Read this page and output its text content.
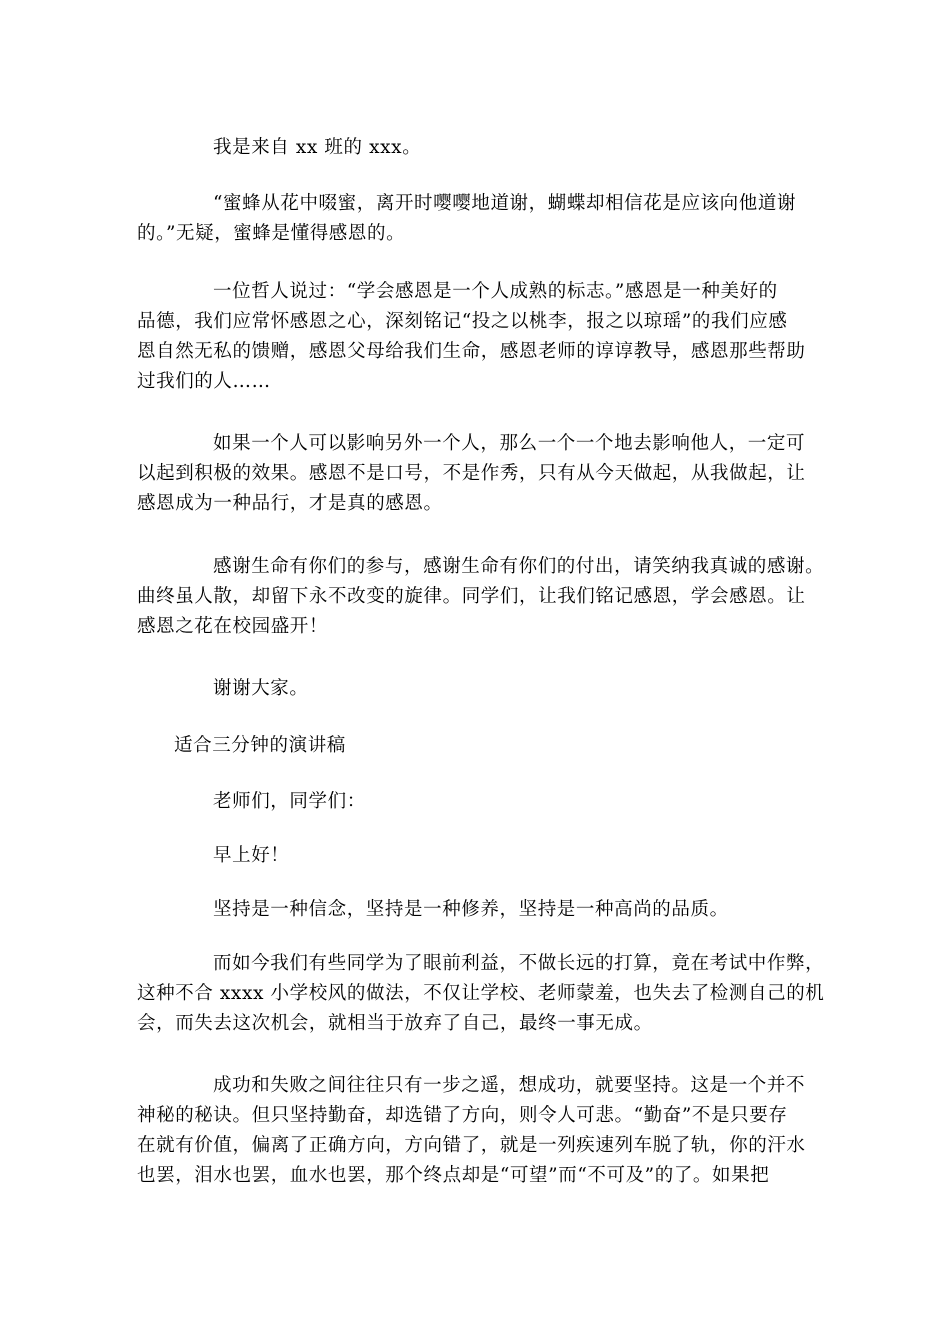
我是来自 xx 班的 xxx。
“蜜蜂从花中啜蜜，离开时嘤嘤地道谢，蝴蝶却相信花是应该向他道谢
的。”无疑，蜜蜂是懂得感恩的。
一位哲人说过：“学会感恩是一个人成熟的标志。”感恩是一种美好的
品德，我们应常怀感恩之心，深刻铭记“投之以桃李，报之以琼瑶”的我们应感
恩自然无私的馈赠，感恩父母给我们生命，感恩老师的谆谆教导，感恩那些帮助
过我们的人……
如果一个人可以影响另外一个人，那么一个一个地去影响他人，一定可
以起到积极的效果。感恩不是口号，不是作秀，只有从今天做起，从我做起，让
感恩成为一种品行，才是真的感恩。
感谢生命有你们的参与，感谢生命有你们的付出，请笑纳我真诚的感谢。
曲终虽人散，却留下永不改变的旋律。同学们，让我们铭记感恩，学会感恩。让
感恩之花在校园盛开！
谢谢大家。
适合三分钟的演讲稿
老师们，同学们：
早上好！
坚持是一种信念，坚持是一种修养，坚持是一种高尚的品质。
而如今我们有些同学为了眼前利益，不做长远的打算，竟在考试中作弊，
这种不合 xxxx 小学校风的做法，不仅让学校、老师蒙羞，也失去了检测自己的机
会，而失去这次机会，就相当于放弃了自己，最终一事无成。
成功和失败之间往往只有一步之遥，想成功，就要坚持。这是一个并不
神秘的秘诀。但只坚持勤奋，却选错了方向，则令人可悲。“勤奋”不是只要存
在就有价值，偏离了正确方向，方向错了，就是一列疾速列车脱了轨，你的汗水
也罢，泪水也罢，血水也罢，那个终点却是“可望”而“不可及”的了。如果把
